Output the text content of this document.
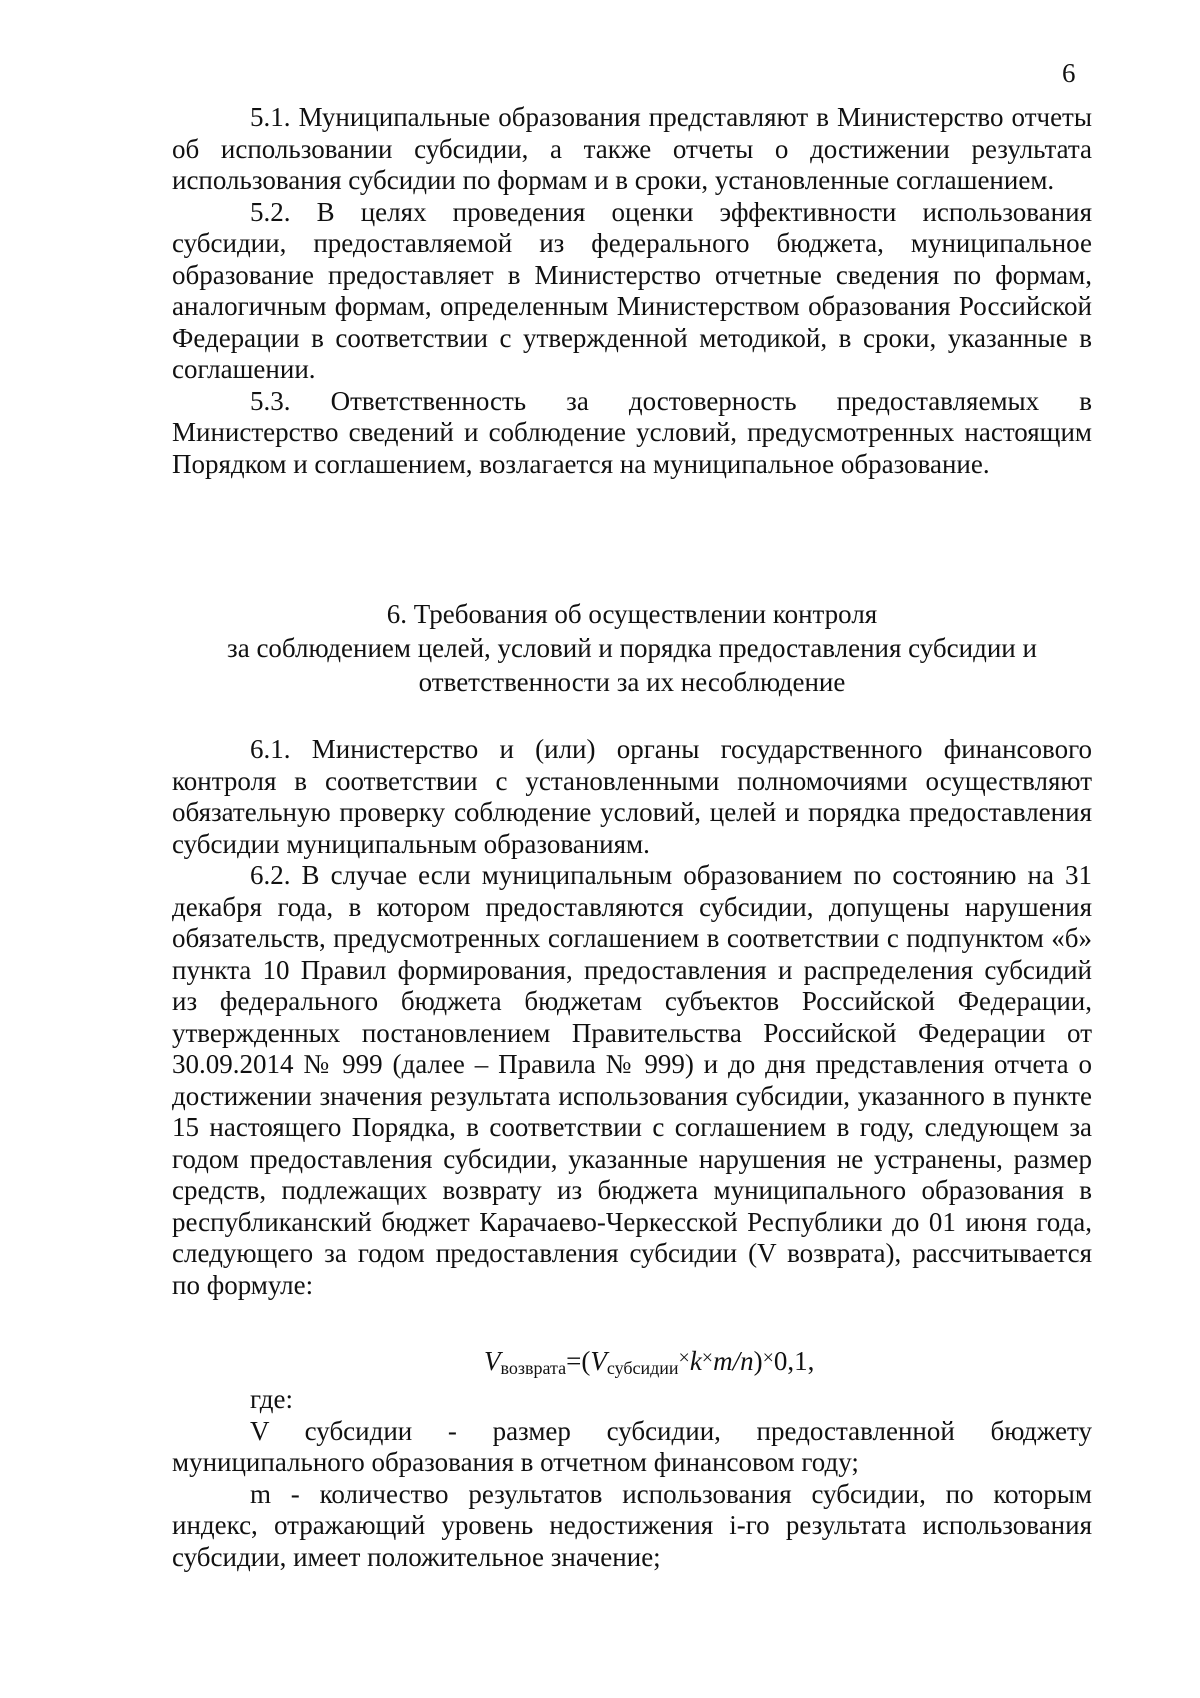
6

5.1. Муниципальные образования представляют в Министерство отчеты об использовании субсидии, а также отчеты о достижении результата использования субсидии по формам и в сроки, установленные соглашением.

5.2. В целях проведения оценки эффективности использования субсидии, предоставляемой из федерального бюджета, муниципальное образование предоставляет в Министерство отчетные сведения по формам, аналогичным формам, определенным Министерством образования Российской Федерации в соответствии с утвержденной методикой, в сроки, указанные в соглашении.

5.3. Ответственность за достоверность предоставляемых в Министерство сведений и соблюдение условий, предусмотренных настоящим Порядком и соглашением, возлагается на муниципальное образование.

6. Требования об осуществлении контроля
за соблюдением целей, условий и порядка предоставления субсидии и
ответственности за их несоблюдение

6.1. Министерство и (или) органы государственного финансового контроля в соответствии с установленными полномочиями осуществляют обязательную проверку соблюдение условий, целей и порядка предоставления субсидии муниципальным образованиям.

6.2. В случае если муниципальным образованием по состоянию на 31 декабря года, в котором предоставляются субсидии, допущены нарушения обязательств, предусмотренных соглашением в соответствии с подпунктом «б» пункта 10 Правил формирования, предоставления и распределения субсидий из федерального бюджета бюджетам субъектов Российской Федерации, утвержденных постановлением Правительства Российской Федерации от 30.09.2014 № 999 (далее – Правила № 999) и до дня представления отчета о достижении значения результата использования субсидии, указанного в пункте 15 настоящего Порядка, в соответствии с соглашением в году, следующем за годом предоставления субсидии, указанные нарушения не устранены, размер средств, подлежащих возврату из бюджета муниципального образования в республиканский бюджет Карачаево-Черкесской Республики до 01 июня года, следующего за годом предоставления субсидии (V возврата), рассчитывается по формуле:

Vвозврата=(Vсубсидии×k×m/n)×0,1,

где:

V субсидии - размер субсидии, предоставленной бюджету муниципального образования в отчетном финансовом году;

m - количество результатов использования субсидии, по которым индекс, отражающий уровень недостижения i-го результата использования субсидии, имеет положительное значение;
